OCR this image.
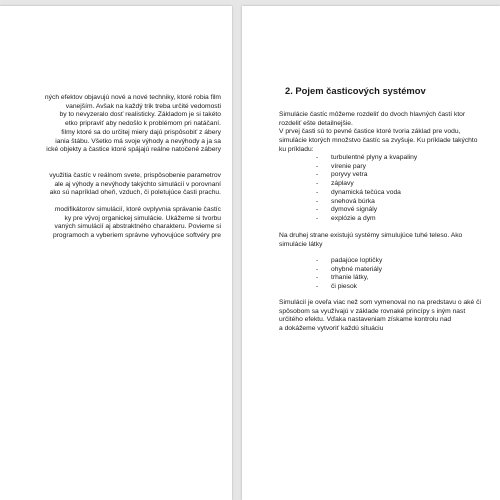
ných efektov objavujú nové a nové techniky, ktoré robia film
vanejším. Avšak na každý trik treba určité vedomosti
by to nevyzeralo dosť realisticky. Základom je si takéto
etko pripraviť aby nedošlo k problémom pri natáčaní.
filmy ktoré sa do určitej miery dajú prispôsobiť z ábery
iania štábu. Všetko má svoje výhody a nevýhody a ja sa
ické objekty a častice ktoré spájajú reálne natočené zábery
využitia častíc v reálnom svete, prispôsobenie parametrov
ale aj výhody a nevýhody takýchto simulácií v porovnaní
ako sú napríklad oheň, vzduch, či poletujúce časti prachu.
modifikátorov simulácií, ktoré ovplyvnia správanie častíc
ky pre vývoj organickej simulácie. Ukážeme si tvorbu
vaných simulácií aj abstraktného charakteru. Povieme si
programoch a vyberiem správne vyhovujúce softvéry pre
2. Pojem časticových systémov
Simulácie častíc môžeme rozdeliť do dvoch hlavných častí ktor
rozdeliť ešte detailnejšie.
V prvej časti sú to pevné častice ktoré tvoria základ pre vodu,
simulácie ktorých množstvo častíc sa zvyšuje. Ku príklade takýchto
ku príkladu:
- turbulentné plyny a kvapaliny
- vírenie pary
- poryvy vetra
- záplavy
- dynamická tečúca voda
- snehová búrka
- dymové signály
- explózie a dym
Na druhej strane existujú systémy simulujúce tuhé teleso. Ako
simulácie látky
- padajúce loptičky
- ohybné materiály
- trhanie látky,
- či piesok
Simulácií je oveľa viac než som vymenoval no na predstavu o aké či
spôsobom sa využívajú v základe rovnaké princípy s iným nast
určitého efektu. Vďaka nastaveniam získame kontrolu nad
a dokážeme vytvoriť každú situáciu
